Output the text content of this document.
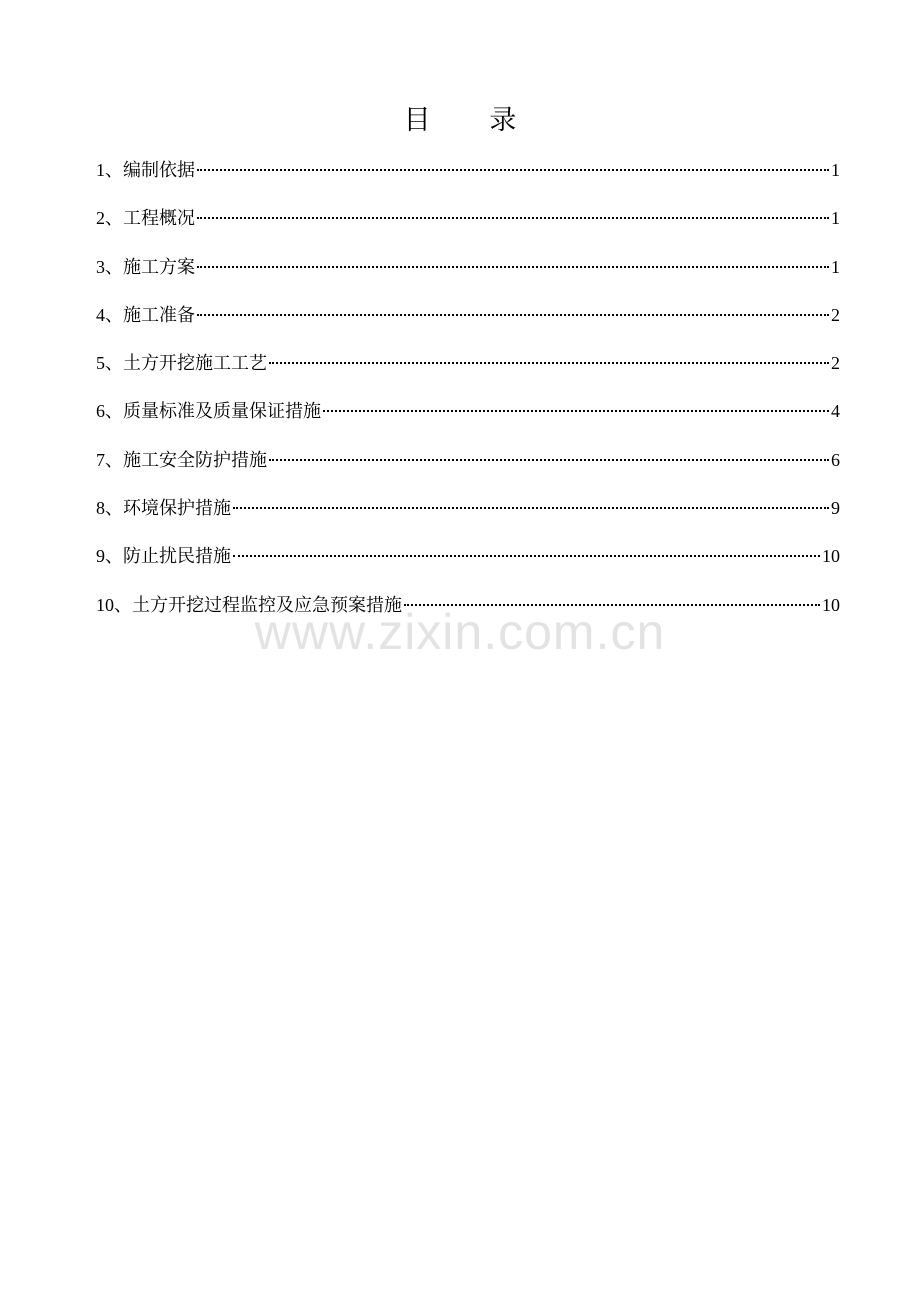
目 录
1、编制依据	1
2、工程概况	1
3、施工方案	1
4、施工准备	2
5、土方开挖施工工艺	2
6、质量标准及质量保证措施	4
7、施工安全防护措施	6
8、环境保护措施	9
9、防止扰民措施	10
10、土方开挖过程监控及应急预案措施	10
www.zixin.com.cn
